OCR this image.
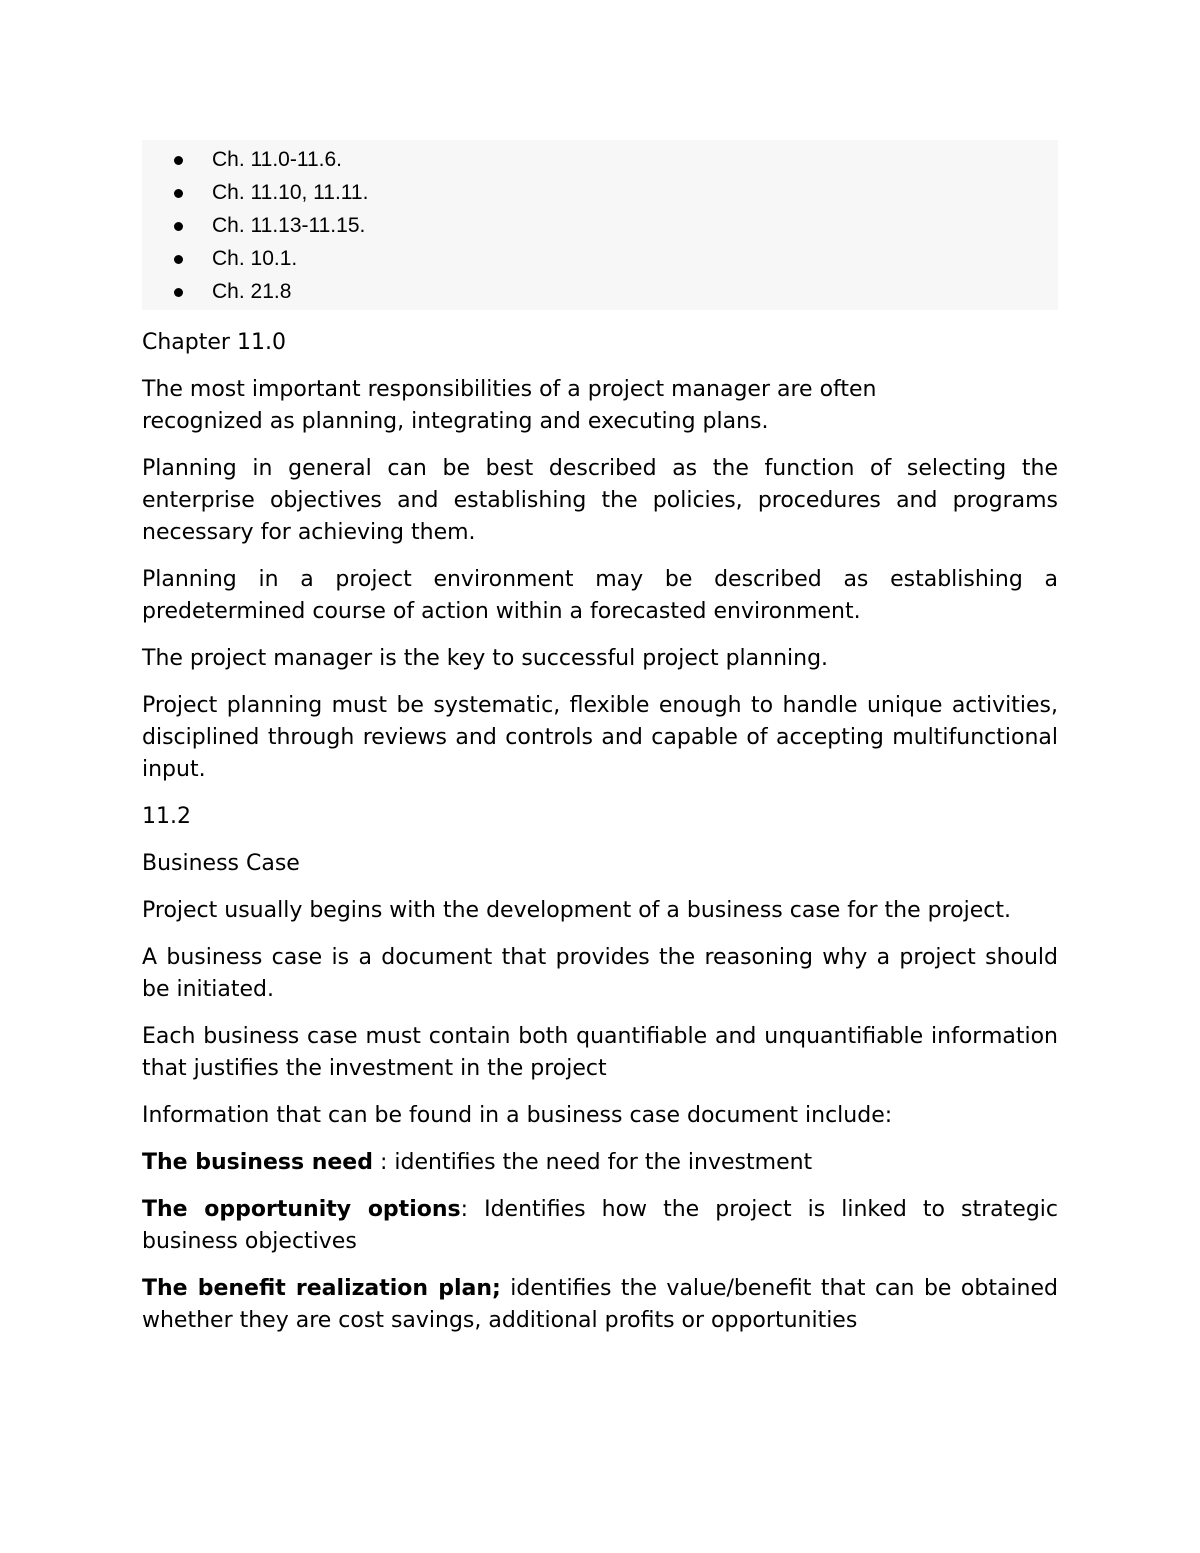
Ch. 11.0-11.6.
Ch. 11.10, 11.11.
Ch. 11.13-11.15.
Ch. 10.1.
Ch. 21.8

Chapter 11.0

The most important responsibilities of a project manager are often recognized as planning, integrating and executing plans.

Planning in general can be best described as the function of selecting the enterprise objectives and establishing the policies, procedures and programs necessary for achieving them.

Planning in a project environment may be described as establishing a predetermined course of action within a forecasted environment.

The project manager is the key to successful project planning.

Project planning must be systematic, flexible enough to handle unique activities, disciplined through reviews and controls and capable of accepting multifunctional input.

11.2

Business Case

Project usually begins with the development of a business case for the project.

A business case is a document that provides the reasoning why a project should be initiated.

Each business case must contain both quantifiable and unquantifiable information that justifies the investment in the project

Information that can be found in a business case document include:

The business need : identifies the need for the investment

The opportunity options: Identifies how the project is linked to strategic business objectives

The benefit realization plan; identifies the value/benefit that can be obtained whether they are cost savings, additional profits or opportunities
